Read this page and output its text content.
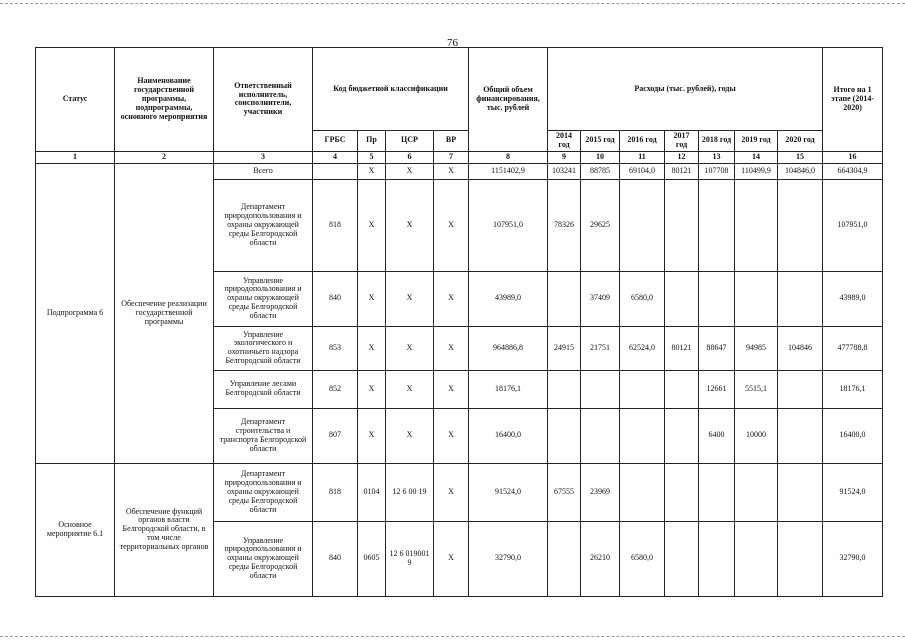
76
Статус	Наименование государственной программы, подпрограммы, основного мероприятия	Ответственный исполнитель, соисполнители, участники	Код бюджетной классификации				Общий объем финансирования, тыс. рублей	Расходы (тыс. рублей), годы							Итого на 1 этапе (2014-2020)
			ГРБС	Пр	ЦСР	ВР		2014 год	2015 год	2016 год	2017 год	2018 год	2019 год	2020 год	
1	2	3	4	5	6	7	8	9	10	11	12	13	14	15	16
Подпрограмма 6	Обеспечение реализации государственной программы	Всего		Х	Х	Х	1151402,9	103241	88785	69104,0	80121	107708	110499,9	104846,0	664304,9
		Департамент природопользования и охраны окружающей среды Белгородской области	818	Х	Х	Х	107951,0	78326	29625						107951,0
		Управление природопользования и охраны окружающей среды Белгородской области	840	Х	Х	Х	43989,0		37409	6580,0					43989,0
		Управление экологического и охотничьего надзора Белгородской области	853	Х	Х	Х	964886,8	24915	21751	62524,0	80121	88647	94985	104846	477788,8
		Управление лесами Белгородской области	852	Х	Х	Х	18176,1					12661	5515,1		18176,1
		Департамент строительства и транспорта Белгородской области	807	Х	Х	Х	16400,0					6400	10000		16400,0
Основное мероприятие 6.1	Обеспечение функций органов власти Белгородской области, в том числе территориальных органов	Департамент природопользования и охраны окружающей среды Белгородской области	818	0104	12 6 00 19	Х	91524,0	67555	23969						91524,0
		Управление природопользования и охраны окружающей среды Белгородской области	840	0605	12 6 019001 9	Х	32790,0		26210	6580,0					32790,0
